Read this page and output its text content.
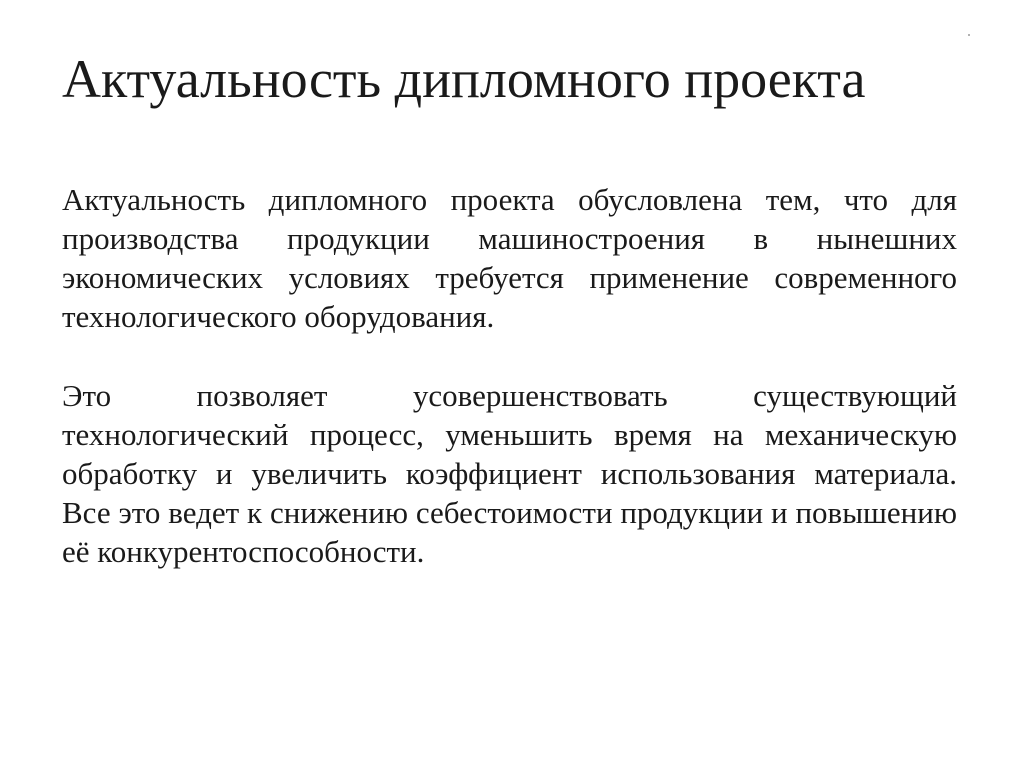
Актуальность дипломного проекта

Актуальность дипломного проекта обусловлена тем, что для производства продукции машиностроения в нынешних экономических условиях требуется применение современного технологического оборудования.

Это позволяет усовершенствовать существующий технологический процесс, уменьшить время на механическую обработку и увеличить коэффициент использования материала. Все это ведет к снижению себестоимости продукции и повышению её конкурентоспособности.
